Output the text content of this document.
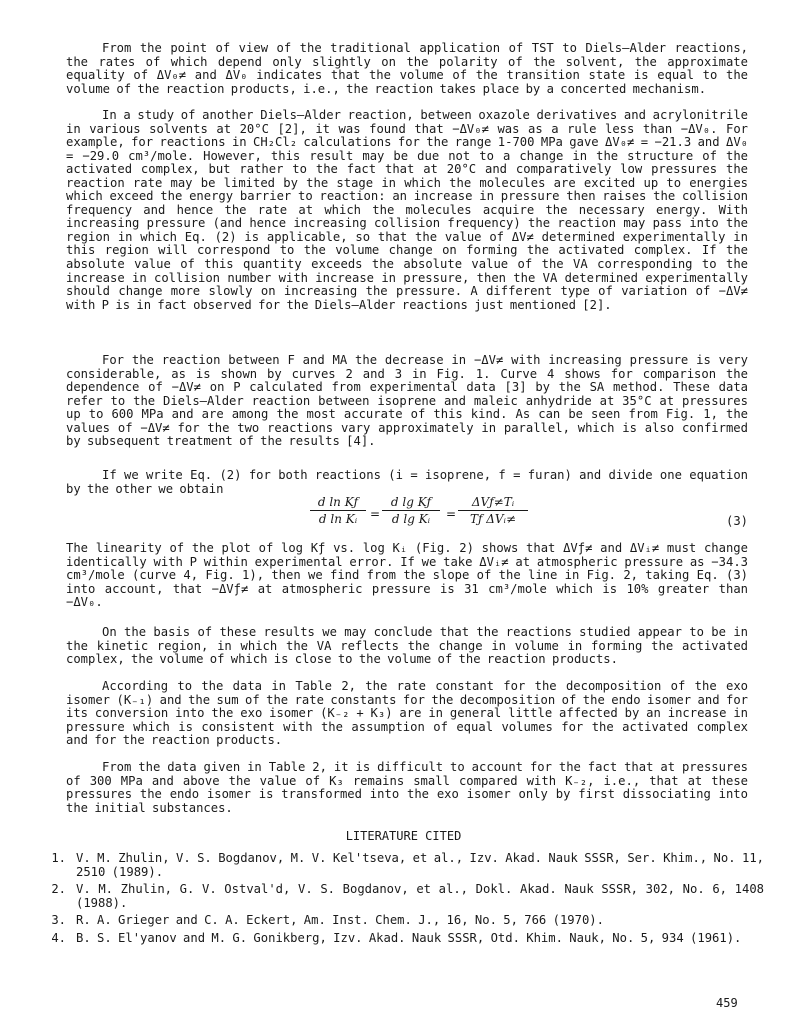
From the point of view of the traditional application of TST to Diels—Alder reactions, the rates of which depend only slightly on the polarity of the solvent, the approximate equality of ΔV₀≠ and ΔV₀ indicates that the volume of the transition state is equal to the volume of the reaction products, i.e., the reaction takes place by a concerted mechanism.

In a study of another Diels—Alder reaction, between oxazole derivatives and acrylonitrile in various solvents at 20°C [2], it was found that −ΔV₀≠ was as a rule less than −ΔV₀. For example, for reactions in CH₂Cl₂ calculations for the range 1-700 MPa gave ΔV₀≠ = −21.3 and ΔV₀ = −29.0 cm³/mole. However, this result may be due not to a change in the structure of the activated complex, but rather to the fact that at 20°C and comparatively low pressures the reaction rate may be limited by the stage in which the molecules are excited up to energies which exceed the energy barrier to reaction: an increase in pressure then raises the collision frequency and hence the rate at which the molecules acquire the necessary energy. With increasing pressure (and hence increasing collision frequency) the reaction may pass into the region in which Eq. (2) is applicable, so that the value of ΔV≠ determined experimentally in this region will correspond to the volume change on forming the activated complex. If the absolute value of this quantity exceeds the absolute value of the VA corresponding to the increase in collision number with increase in pressure, then the VA determined experimentally should change more slowly on increasing the pressure. A different type of variation of −ΔV≠ with P is in fact observed for the Diels—Alder reactions just mentioned [2].

For the reaction between F and MA the decrease in −ΔV≠ with increasing pressure is very considerable, as is shown by curves 2 and 3 in Fig. 1. Curve 4 shows for comparison the dependence of −ΔV≠ on P calculated from experimental data [3] by the SA method. These data refer to the Diels—Alder reaction between isoprene and maleic anhydride at 35°C at pressures up to 600 MPa and are among the most accurate of this kind. As can be seen from Fig. 1, the values of −ΔV≠ for the two reactions vary approximately in parallel, which is also confirmed by subsequent treatment of the results [4].

If we write Eq. (2) for both reactions (i = isoprene, f = furan) and divide one equation by the other we obtain

$\frac{\text{d ln Kƒ}}{\text{d ln Kᵢ}} = \frac{\text{d lg Kƒ}}{\text{d lg Kᵢ}}$ =
ΔVƒ≠Tᵢ
Tƒ ΔVᵢ≠	(3)

The linearity of the plot of log Kƒ vs. log Kᵢ (Fig. 2) shows that ΔVƒ≠ and ΔVᵢ≠ must change identically with P within experimental error. If we take ΔVᵢ≠ at atmospheric pressure as −34.3 cm³/mole (curve 4, Fig. 1), then we find from the slope of the line in Fig. 2, taking Eq. (3) into account, that −ΔVƒ≠ at atmospheric pressure is 31 cm³/mole which is 10% greater than −ΔV₀.

On the basis of these results we may conclude that the reactions studied appear to be in the kinetic region, in which the VA reflects the change in volume in forming the activated complex, the volume of which is close to the volume of the reaction products.

According to the data in Table 2, the rate constant for the decomposition of the exo isomer (K₋₁) and the sum of the rate constants for the decomposition of the endo isomer and for its conversion into the exo isomer (K₋₂ + K₃) are in general little affected by an increase in pressure which is consistent with the assumption of equal volumes for the activated complex and for the reaction products.

From the data given in Table 2, it is difficult to account for the fact that at pressures of 300 MPa and above the value of K₃ remains small compared with K₋₂, i.e., that at these pressures the endo isomer is transformed into the exo isomer only by first dissociating into the initial substances.

LITERATURE CITED
1. V. M. Zhulin, V. S. Bogdanov, M. V. Kel'tseva, et al., Izv. Akad. Nauk SSSR, Ser. Khim., No. 11, 2510 (1989).
2. V. M. Zhulin, G. V. Ostval'd, V. S. Bogdanov, et al., Dokl. Akad. Nauk SSSR, 302, No. 6, 1408 (1988).
3. R. A. Grieger and C. A. Eckert, Am. Inst. Chem. J., 16, No. 5, 766 (1970).
4. B. S. El'yanov and M. G. Gonikberg, Izv. Akad. Nauk SSSR, Otd. Khim. Nauk, No. 5, 934 (1961).
459
